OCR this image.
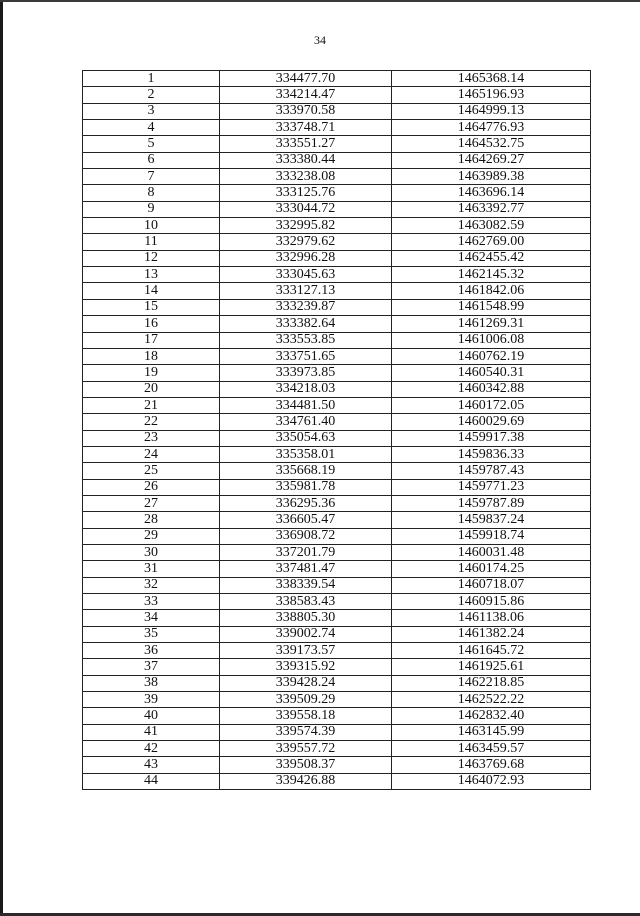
34
1	334477.70	1465368.14
2	334214.47	1465196.93
3	333970.58	1464999.13
4	333748.71	1464776.93
5	333551.27	1464532.75
6	333380.44	1464269.27
7	333238.08	1463989.38
8	333125.76	1463696.14
9	333044.72	1463392.77
10	332995.82	1463082.59
11	332979.62	1462769.00
12	332996.28	1462455.42
13	333045.63	1462145.32
14	333127.13	1461842.06
15	333239.87	1461548.99
16	333382.64	1461269.31
17	333553.85	1461006.08
18	333751.65	1460762.19
19	333973.85	1460540.31
20	334218.03	1460342.88
21	334481.50	1460172.05
22	334761.40	1460029.69
23	335054.63	1459917.38
24	335358.01	1459836.33
25	335668.19	1459787.43
26	335981.78	1459771.23
27	336295.36	1459787.89
28	336605.47	1459837.24
29	336908.72	1459918.74
30	337201.79	1460031.48
31	337481.47	1460174.25
32	338339.54	1460718.07
33	338583.43	1460915.86
34	338805.30	1461138.06
35	339002.74	1461382.24
36	339173.57	1461645.72
37	339315.92	1461925.61
38	339428.24	1462218.85
39	339509.29	1462522.22
40	339558.18	1462832.40
41	339574.39	1463145.99
42	339557.72	1463459.57
43	339508.37	1463769.68
44	339426.88	1464072.93
